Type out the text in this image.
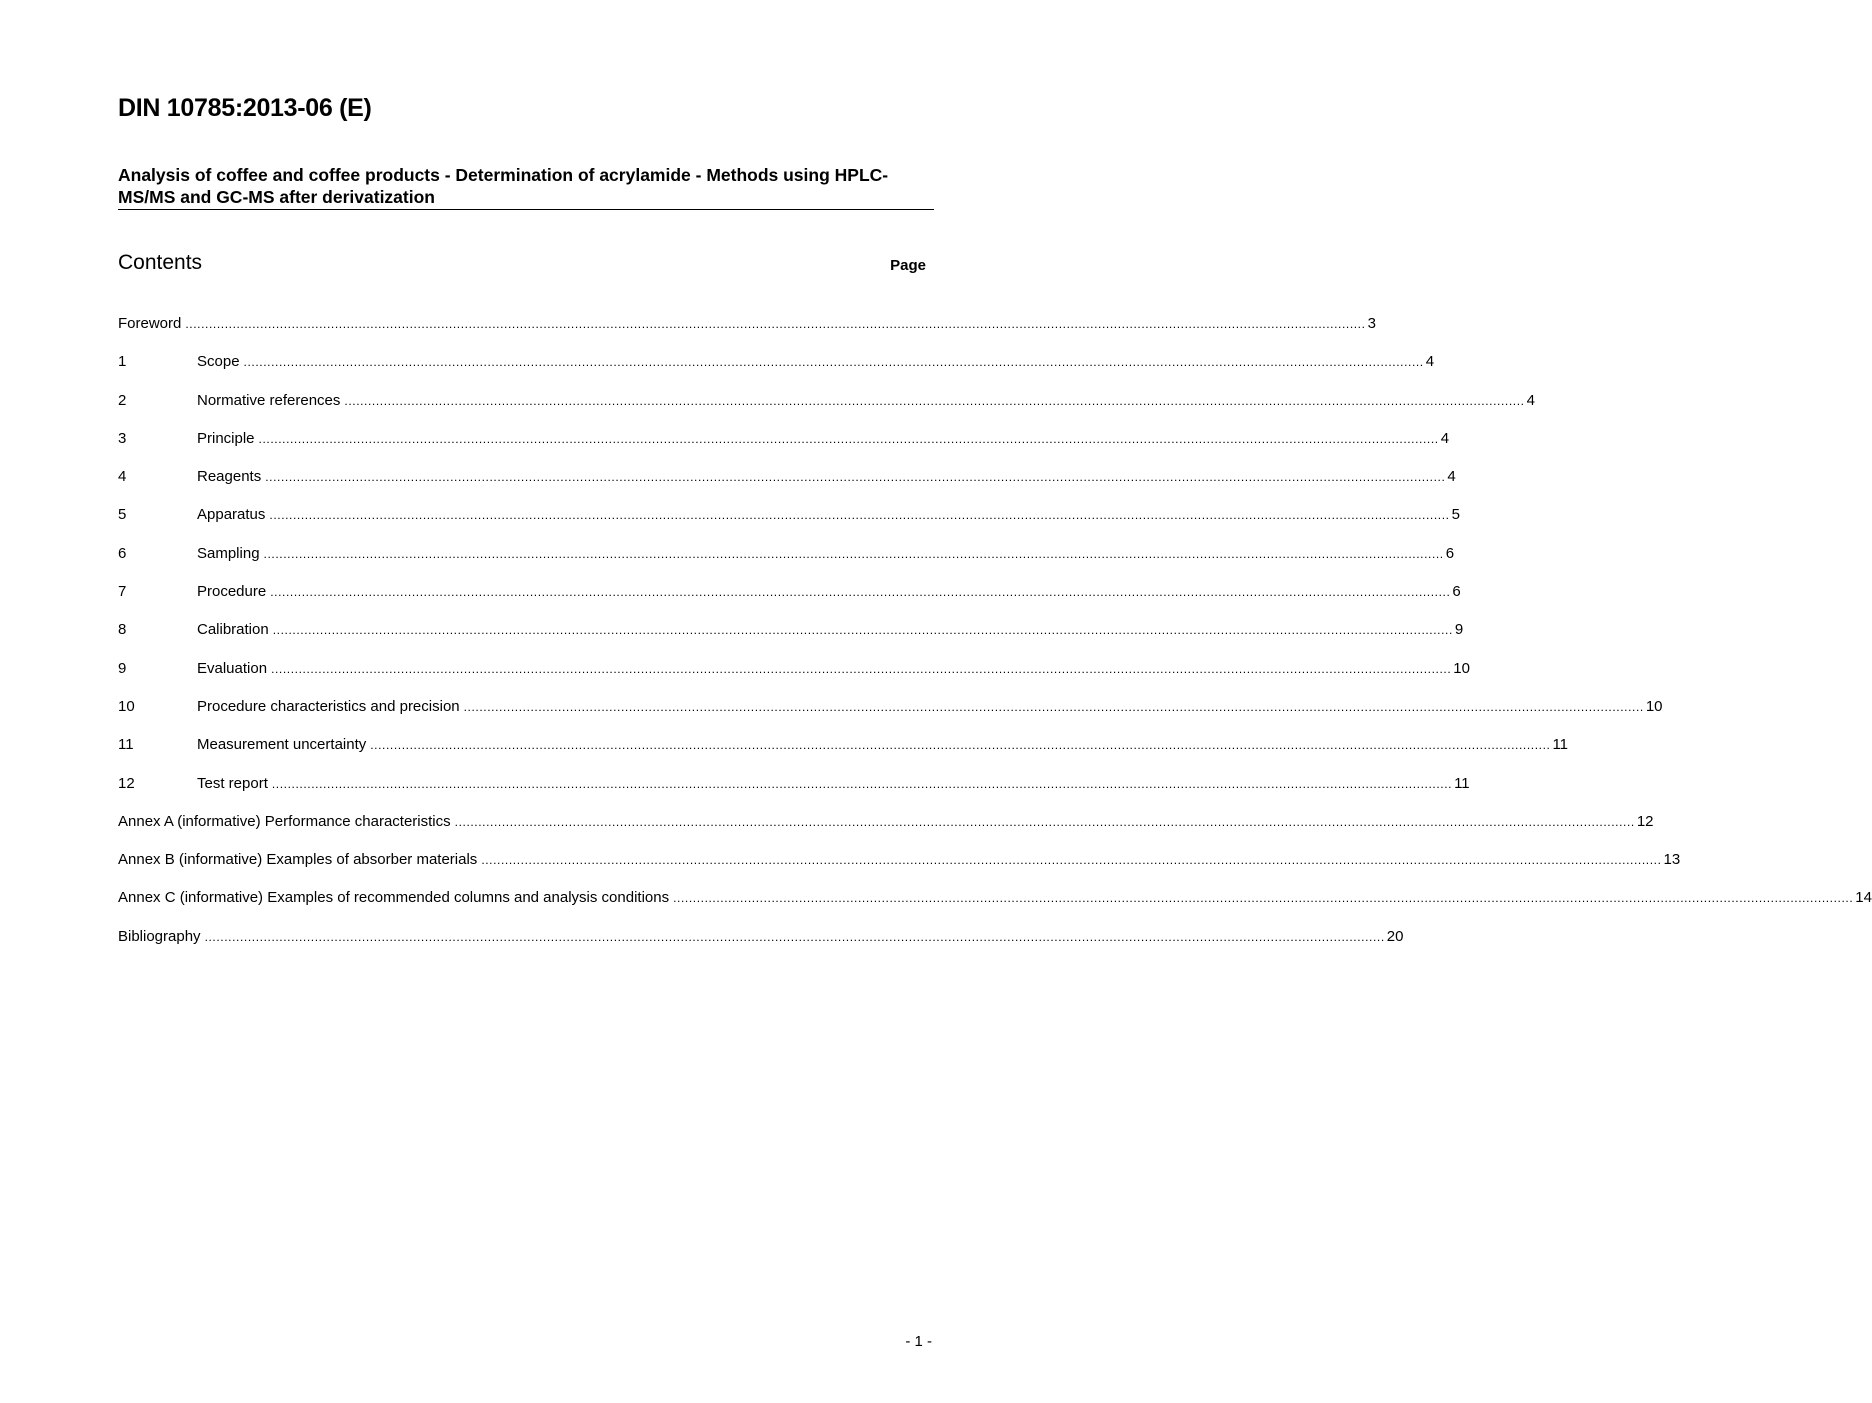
DIN 10785:2013-06 (E)
Analysis of coffee and coffee products - Determination of acrylamide - Methods using HPLC-MS/MS and GC-MS after derivatization
Contents	Page
Foreword ............................................................................................................................................................................................................................................................................................................ 3
1	Scope ............................................................................................................................................................................................................................................................................................................ 4
2	Normative references ............................................................................................................................................................................................................................................................................................................ 4
3	Principle ............................................................................................................................................................................................................................................................................................................ 4
4	Reagents ............................................................................................................................................................................................................................................................................................................ 4
5	Apparatus ............................................................................................................................................................................................................................................................................................................ 5
6	Sampling ............................................................................................................................................................................................................................................................................................................ 6
7	Procedure ............................................................................................................................................................................................................................................................................................................ 6
8	Calibration ............................................................................................................................................................................................................................................................................................................ 9
9	Evaluation ............................................................................................................................................................................................................................................................................................................ 10
10	Procedure characteristics and precision ............................................................................................................................................................................................................................................................................................................ 10
11	Measurement uncertainty ............................................................................................................................................................................................................................................................................................................ 11
12	Test report ............................................................................................................................................................................................................................................................................................................ 11
Annex A (informative) Performance characteristics ............................................................................................................................................................................................................................................................................................................ 12
Annex B (informative) Examples of absorber materials ............................................................................................................................................................................................................................................................................................................ 13
Annex C (informative) Examples of recommended columns and analysis conditions ............................................................................................................................................................................................................................................................................................................ 14
Bibliography ............................................................................................................................................................................................................................................................................................................ 20
- 1 -
